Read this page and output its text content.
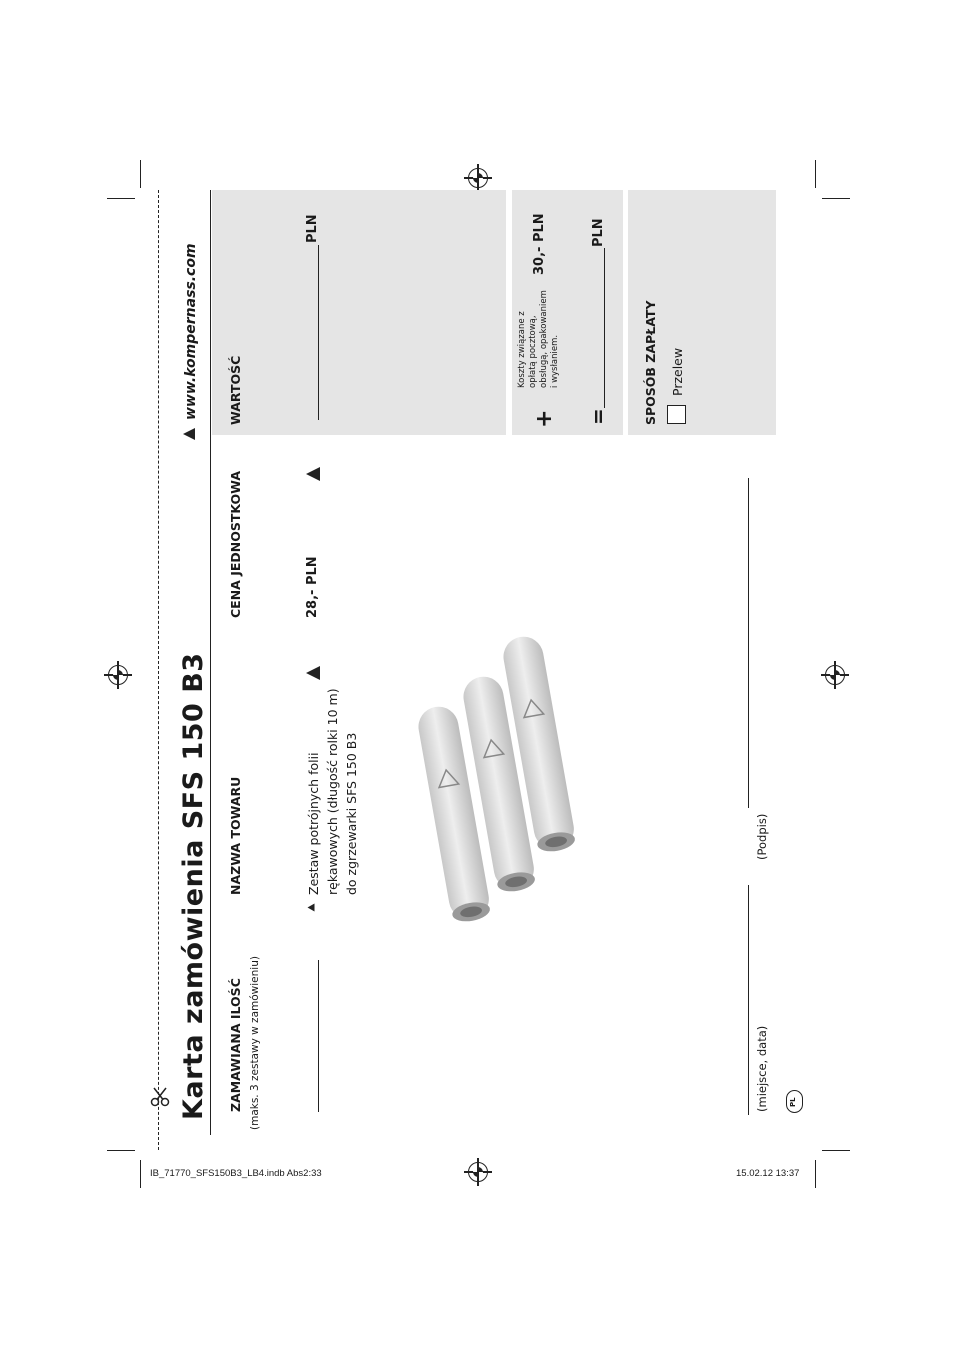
Karta zamówienia SFS 150 B3
www.kompernass.com
ZAMAWIANA ILOŚĆ (maks. 3 zestawy w zamówieniu)
NAZWA TOWARU
CENA JEDNOSTKOWA
WARTOŚĆ
Zestaw potrójnych folii rękawowych (długość rolki 10 m) do zgrzewarki SFS 150 B3
28,- PLN
PLN
+
Koszty związane z opłatą pocztową, obsługą, opakowaniem i wysłaniem.
30,- PLN
=
PLN
SPOSÓB ZAPŁATY Przelew
(Podpis)
(miejsce, data)	PL
IB_71770_SFS150B3_LB4.indb Abs2:33	15.02.12 13:37
